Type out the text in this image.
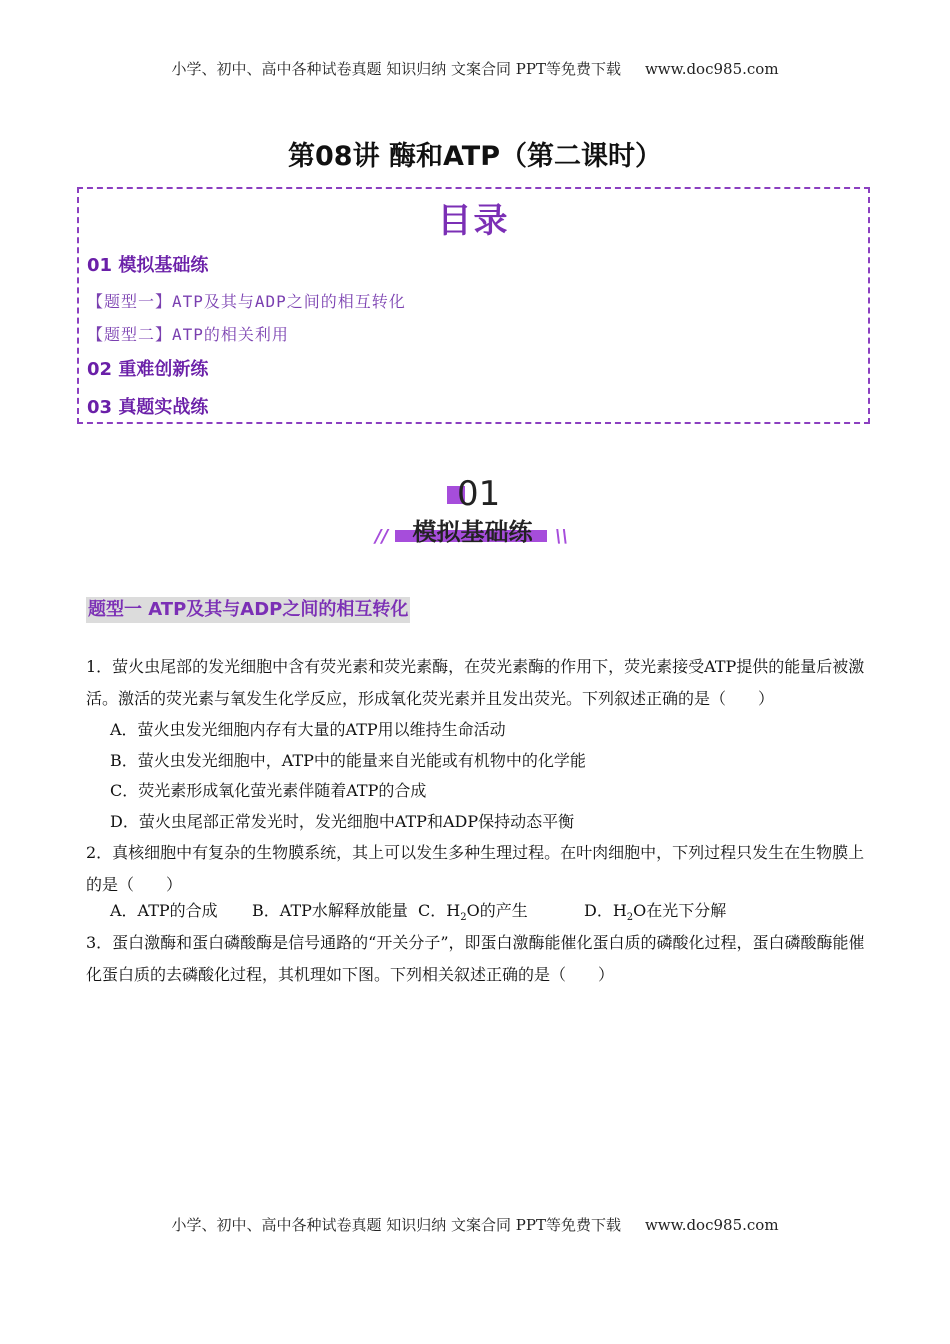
小学、初中、高中各种试卷真题 知识归纳 文案合同 PPT等免费下载 www.doc985.com
第08讲 酶和ATP（第二课时）
目录
01 模拟基础练
【题型一】ATP及其与ADP之间的相互转化
【题型二】ATP的相关利用
02 重难创新练
03 真题实战练
01
模拟基础练
//	\\
题型一 ATP及其与ADP之间的相互转化
1．萤火虫尾部的发光细胞中含有荧光素和荧光素酶，在荧光素酶的作用下，荧光素接受ATP提供的能量后被激活。激活的荧光素与氧发生化学反应，形成氧化荧光素并且发出荧光。下列叙述正确的是（　　）
A．萤火虫发光细胞内存有大量的ATP用以维持生命活动
B．萤火虫发光细胞中，ATP中的能量来自光能或有机物中的化学能
C．荧光素形成氧化萤光素伴随着ATP的合成
D．萤火虫尾部正常发光时，发光细胞中ATP和ADP保持动态平衡
2．真核细胞中有复杂的生物膜系统，其上可以发生多种生理过程。在叶肉细胞中，下列过程只发生在生物膜上的是（　　）
A．ATP的合成 B．ATP水解释放能量 C．$H_2O$的产生	D．$H_2O$在光下分解
3．蛋白激酶和蛋白磷酸酶是信号通路的“开关分子”，即蛋白激酶能催化蛋白质的磷酸化过程，蛋白磷酸酶能催化蛋白质的去磷酸化过程，其机理如下图。下列相关叙述正确的是（　　）
小学、初中、高中各种试卷真题 知识归纳 文案合同 PPT等免费下载 www.doc985.com
